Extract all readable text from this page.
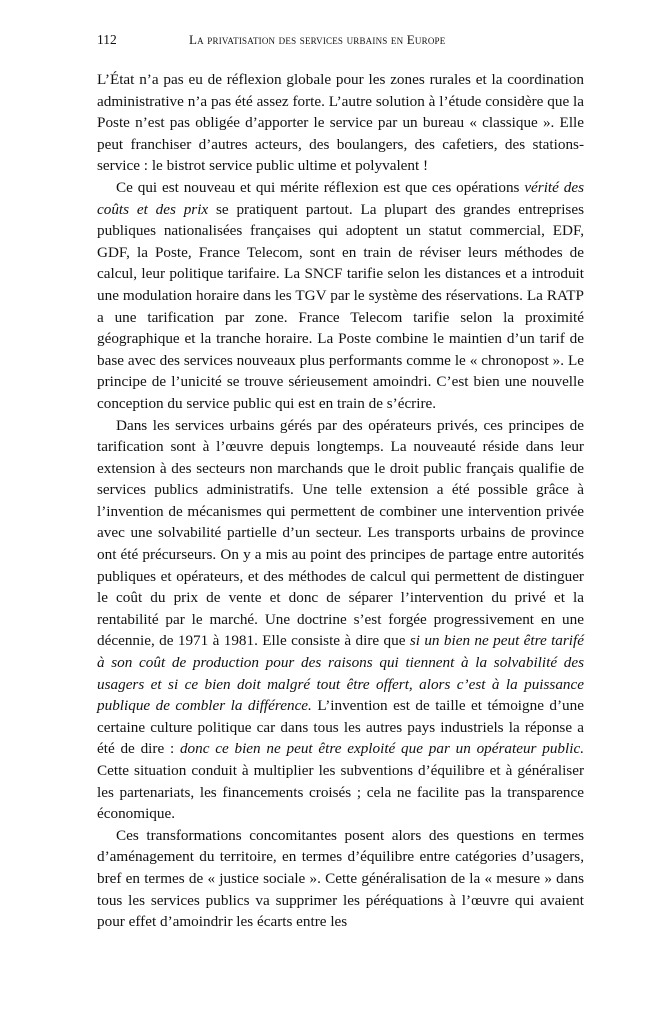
112	La privatisation des services urbains en Europe

L’État n’a pas eu de réflexion globale pour les zones rurales et la coordination administrative n’a pas été assez forte. L’autre solution à l’étude considère que la Poste n’est pas obligée d’apporter le service par un bureau « classique ». Elle peut franchiser d’autres acteurs, des boulangers, des cafetiers, des stations-service : le bistrot service public ultime et polyvalent !

Ce qui est nouveau et qui mérite réflexion est que ces opérations vérité des coûts et des prix se pratiquent partout. La plupart des grandes entreprises publiques nationalisées françaises qui adoptent un statut commercial, EDF, GDF, la Poste, France Telecom, sont en train de réviser leurs méthodes de calcul, leur politique tarifaire. La SNCF tarifie selon les distances et a introduit une modulation horaire dans les TGV par le système des réservations. La RATP a une tarification par zone. France Telecom tarifie selon la proximité géographique et la tranche horaire. La Poste combine le maintien d’un tarif de base avec des services nouveaux plus performants comme le « chronopost ». Le principe de l’unicité se trouve sérieusement amoindri. C’est bien une nouvelle conception du service public qui est en train de s’écrire.

Dans les services urbains gérés par des opérateurs privés, ces principes de tarification sont à l’œuvre depuis longtemps. La nouveauté réside dans leur extension à des secteurs non marchands que le droit public français qualifie de services publics administratifs. Une telle extension a été possible grâce à l’invention de mécanismes qui permettent de combiner une intervention privée avec une solvabilité partielle d’un secteur. Les transports urbains de province ont été précurseurs. On y a mis au point des principes de partage entre autorités publiques et opérateurs, et des méthodes de calcul qui permettent de distinguer le coût du prix de vente et donc de séparer l’intervention du privé et la rentabilité par le marché. Une doctrine s’est forgée progressivement en une décennie, de 1971 à 1981. Elle consiste à dire que si un bien ne peut être tarifé à son coût de production pour des raisons qui tiennent à la solvabilité des usagers et si ce bien doit malgré tout être offert, alors c’est à la puissance publique de combler la différence. L’invention est de taille et témoigne d’une certaine culture politique car dans tous les autres pays industriels la réponse a été de dire : donc ce bien ne peut être exploité que par un opérateur public. Cette situation conduit à multiplier les subventions d’équilibre et à généraliser les partenariats, les financements croisés ; cela ne facilite pas la transparence économique.

Ces transformations concomitantes posent alors des questions en termes d’aménagement du territoire, en termes d’équilibre entre catégories d’usagers, bref en termes de « justice sociale ». Cette généralisation de la « mesure » dans tous les services publics va supprimer les péréquations à l’œuvre qui avaient pour effet d’amoindrir les écarts entre les
